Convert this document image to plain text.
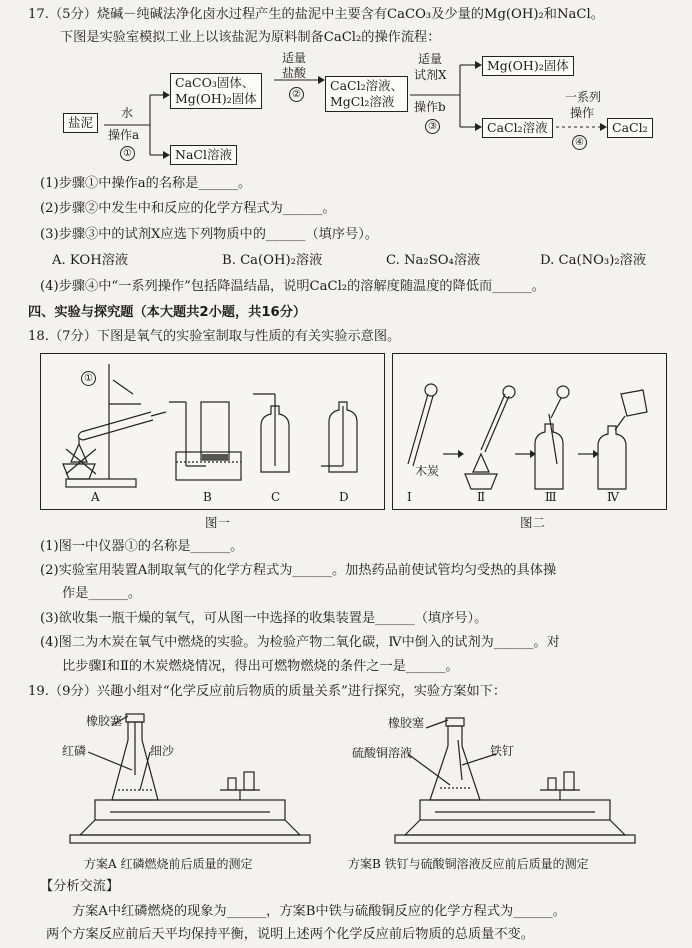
17.（5分）烧碱－纯碱法净化卤水过程产生的盐泥中主要含有CaCO₃及少量的Mg(OH)₂和NaCl。
下图是实验室模拟工业上以该盐泥为原料制备CaCl₂的操作流程：
盐泥
水
操作a
①
CaCO₃固体、
Mg(OH)₂固体
NaCl溶液
适量
盐酸
②
CaCl₂溶液、
MgCl₂溶液
适量
试剂X
操作b
③
Mg(OH)₂固体
CaCl₂溶液
一系列
操作
④
CaCl₂
(1)步骤①中操作a的名称是______。
(2)步骤②中发生中和反应的化学方程式为______。
(3)步骤③中的试剂X应选下列物质中的______（填序号）。
A. KOH溶液	B. Ca(OH)₂溶液	C. Na₂SO₄溶液	D. Ca(NO₃)₂溶液
(4)步骤④中“一系列操作”包括降温结晶，说明CaCl₂的溶解度随温度的降低而______。
四、实验与探究题（本大题共2小题，共16分）
18.（7分）下图是氧气的实验室制取与性质的有关实验示意图。
①
A	B	C	D
图一
木炭
Ⅰ	Ⅱ	Ⅲ	Ⅳ
图二
(1)图一中仪器①的名称是______。
(2)实验室用装置A制取氧气的化学方程式为______。加热药品前使试管均匀受热的具体操
作是______。
(3)欲收集一瓶干燥的氧气，可从图一中选择的收集装置是______（填序号）。
(4)图二为木炭在氧气中燃烧的实验。为检验产物二氧化碳，Ⅳ中倒入的试剂为______。对
比步骤Ⅰ和Ⅱ的木炭燃烧情况，得出可燃物燃烧的条件之一是______。
19.（9分）兴趣小组对“化学反应前后物质的质量关系”进行探究，实验方案如下：
橡胶塞
红磷	细沙
方案A 红磷燃烧前后质量的测定
橡胶塞
硫酸铜溶液	铁钉
方案B 铁钉与硫酸铜溶液反应前后质量的测定
【分析交流】
方案A中红磷燃烧的现象为______，方案B中铁与硫酸铜反应的化学方程式为______。
两个方案反应前后天平均保持平衡，说明上述两个化学反应前后物质的总质量不变。
